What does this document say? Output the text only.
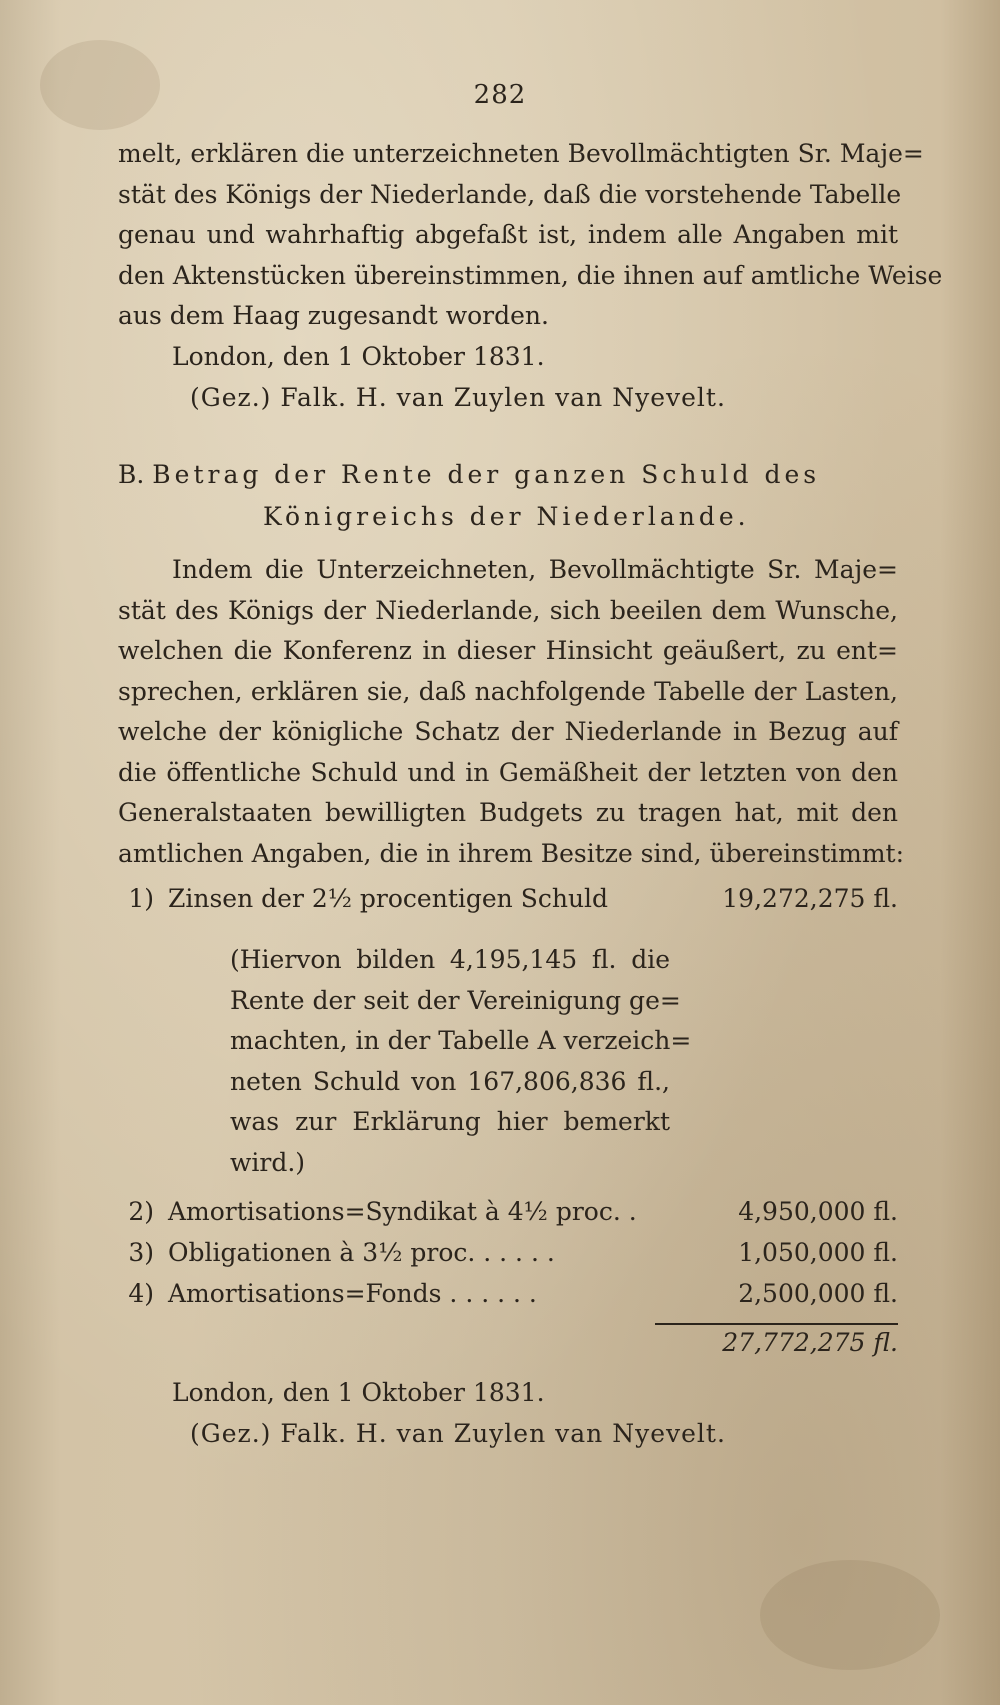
282
melt, erklären die unterzeichneten Bevollmächtigten Sr. Maje=
stät des Königs der Niederlande, daß die vorstehende Tabelle
genau und wahrhaftig abgefaßt ist, indem alle Angaben mit
den Aktenstücken übereinstimmen, die ihnen auf amtliche Weise
aus dem Haag zugesandt worden.
London, den 1 Oktober 1831.
(Gez.) Falk. H. van Zuylen van Nyevelt.
B. Betrag der Rente der ganzen Schuld des
Königreichs der Niederlande.
Indem die Unterzeichneten, Bevollmächtigte Sr. Maje=
stät des Königs der Niederlande, sich beeilen dem Wunsche,
welchen die Konferenz in dieser Hinsicht geäußert, zu ent=
sprechen, erklären sie, daß nachfolgende Tabelle der Lasten,
welche der königliche Schatz der Niederlande in Bezug auf
die öffentliche Schuld und in Gemäßheit der letzten von den
Generalstaaten bewilligten Budgets zu tragen hat, mit den
amtlichen Angaben, die in ihrem Besitze sind, übereinstimmt:
1) Zinsen der 2½ procentigen Schuld	19,272,275 fl.
(Hiervon bilden 4,195,145 fl. die
Rente der seit der Vereinigung ge=
machten, in der Tabelle A verzeich=
neten Schuld von 167,806,836 fl.,
was zur Erklärung hier bemerkt
wird.)
2) Amortisations=Syndikat à 4½ proc. .	4,950,000 fl.
3) Obligationen à 3½ proc. . . . . .	1,050,000 fl.
4) Amortisations=Fonds . . . . . .	2,500,000 fl.
27,772,275 fl.
London, den 1 Oktober 1831.
(Gez.) Falk. H. van Zuylen van Nyevelt.
